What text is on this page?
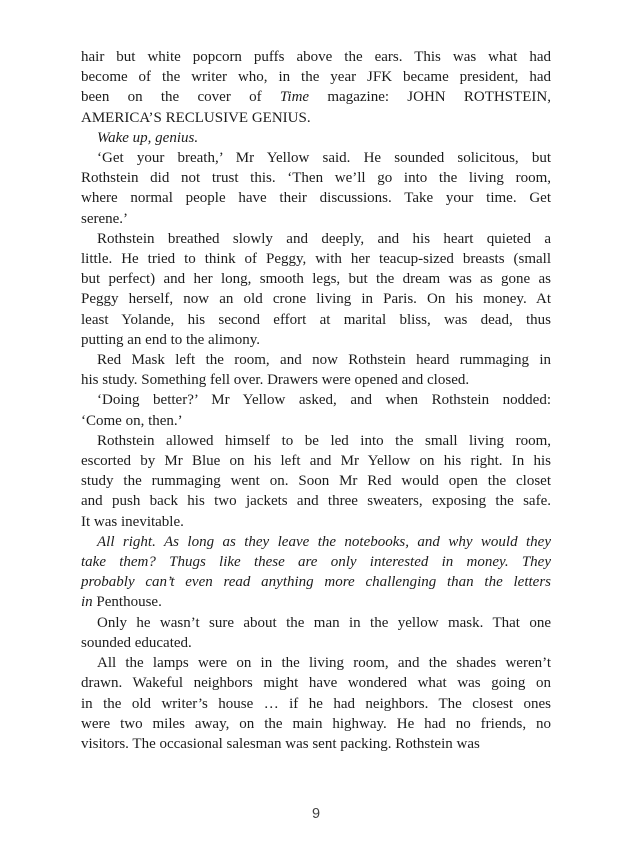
hair but white popcorn puffs above the ears. This was what had
become of the writer who, in the year JFK became president, had
been on the cover of Time magazine: JOHN ROTHSTEIN,
AMERICA’S RECLUSIVE GENIUS.
Wake up, genius.
‘Get your breath,’ Mr Yellow said. He sounded solicitous, but
Rothstein did not trust this. ‘Then we’ll go into the living room,
where normal people have their discussions. Take your time. Get
serene.’
Rothstein breathed slowly and deeply, and his heart quieted a
little. He tried to think of Peggy, with her teacup-sized breasts (small
but perfect) and her long, smooth legs, but the dream was as gone as
Peggy herself, now an old crone living in Paris. On his money. At
least Yolande, his second effort at marital bliss, was dead, thus
putting an end to the alimony.
Red Mask left the room, and now Rothstein heard rummaging in
his study. Something fell over. Drawers were opened and closed.
‘Doing better?’ Mr Yellow asked, and when Rothstein nodded:
‘Come on, then.’
Rothstein allowed himself to be led into the small living room,
escorted by Mr Blue on his left and Mr Yellow on his right. In his
study the rummaging went on. Soon Mr Red would open the closet
and push back his two jackets and three sweaters, exposing the safe.
It was inevitable.
All right. As long as they leave the notebooks, and why would they
take them? Thugs like these are only interested in money. They
probably can’t even read anything more challenging than the letters
in Penthouse.
Only he wasn’t sure about the man in the yellow mask. That one
sounded educated.
All the lamps were on in the living room, and the shades weren’t
drawn. Wakeful neighbors might have wondered what was going on
in the old writer’s house … if he had neighbors. The closest ones
were two miles away, on the main highway. He had no friends, no
visitors. The occasional salesman was sent packing. Rothstein was
9
